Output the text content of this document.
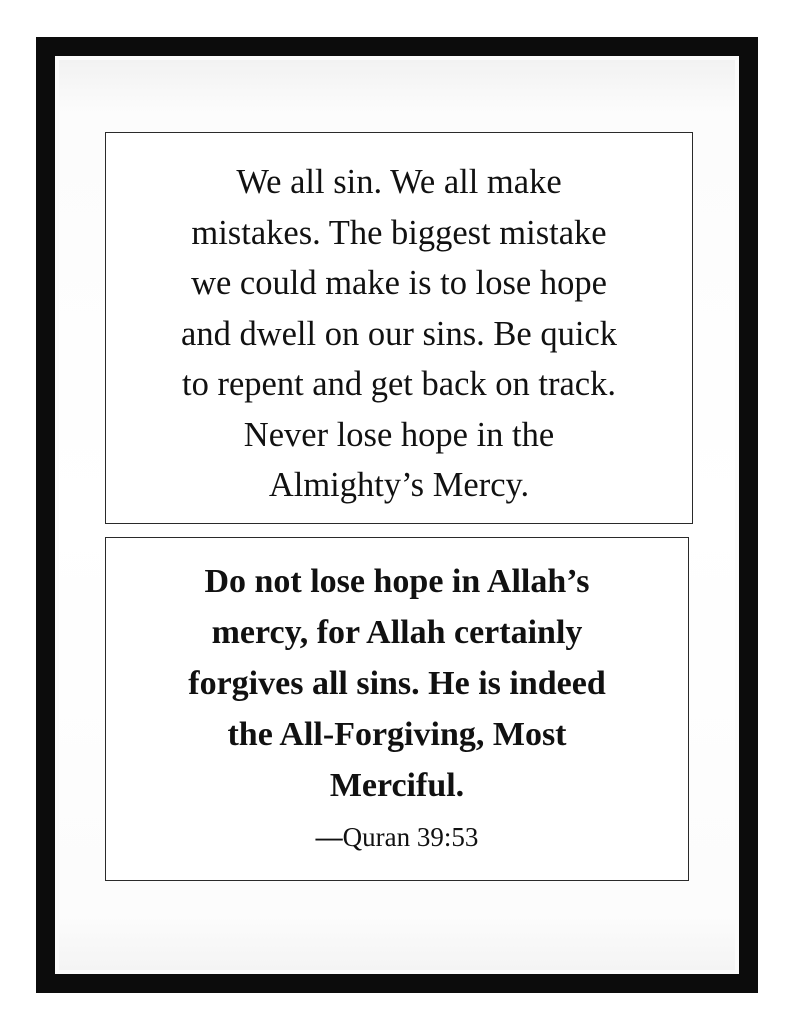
We all sin. We all make
mistakes. The biggest mistake
we could make is to lose hope
and dwell on our sins. Be quick
to repent and get back on track.
Never lose hope in the
Almighty’s Mercy.

Do not lose hope in Allah’s
mercy, for Allah certainly
forgives all sins. He is indeed
the All-Forgiving, Most
Merciful.

—Quran 39:53
